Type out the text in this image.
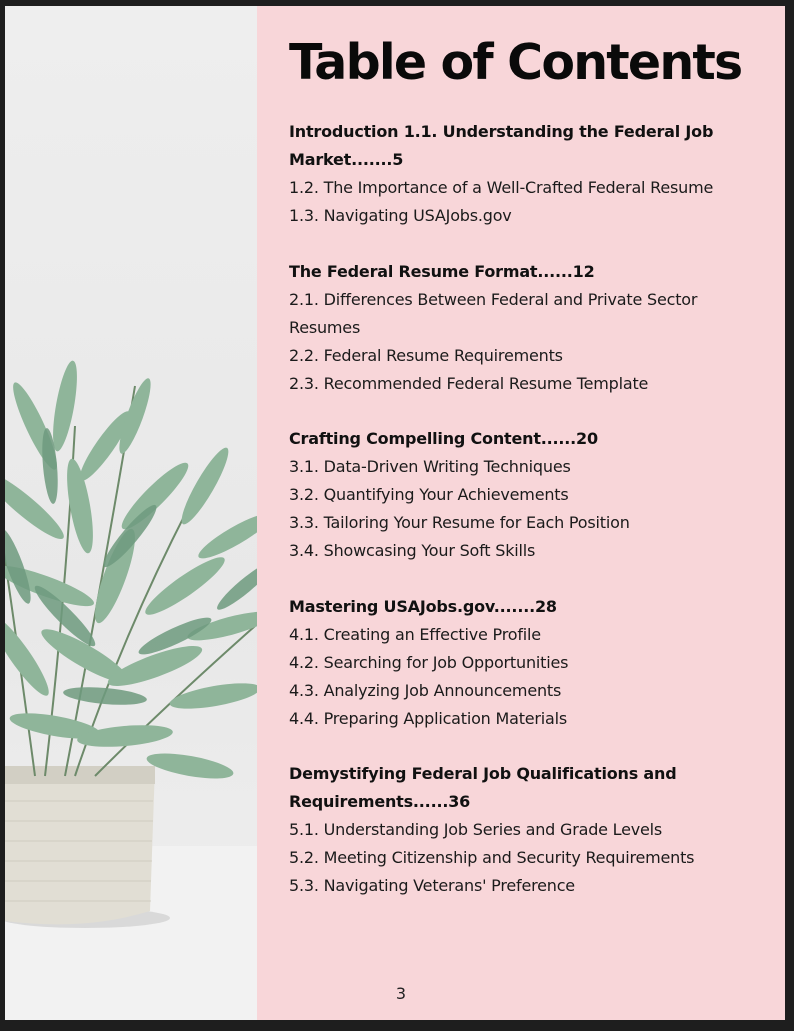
Table of Contents
Introduction 1.1. Understanding the Federal Job Market.......5
1.2. The Importance of a Well-Crafted Federal Resume
1.3. Navigating USAJobs.gov
The Federal Resume Format......12
2.1. Differences Between Federal and Private Sector Resumes
2.2. Federal Resume Requirements
2.3. Recommended Federal Resume Template
Crafting Compelling Content......20
3.1. Data-Driven Writing Techniques
3.2. Quantifying Your Achievements
3.3. Tailoring Your Resume for Each Position
3.4. Showcasing Your Soft Skills
Mastering USAJobs.gov.......28
4.1. Creating an Effective Profile
4.2. Searching for Job Opportunities
4.3. Analyzing Job Announcements
4.4. Preparing Application Materials
Demystifying Federal Job Qualifications and Requirements......36
5.1. Understanding Job Series and Grade Levels
5.2. Meeting Citizenship and Security Requirements
5.3. Navigating Veterans' Preference
3
